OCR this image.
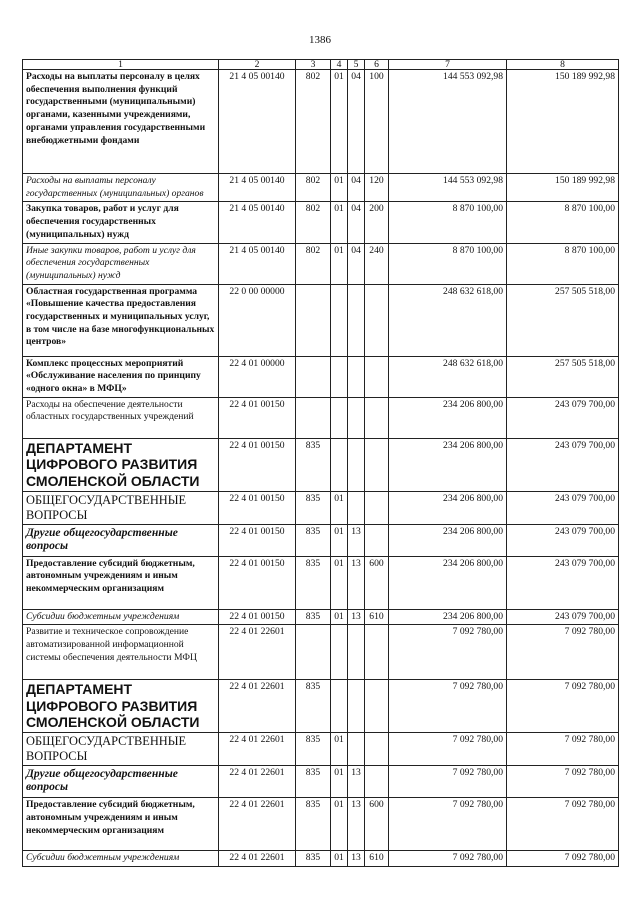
1386
1	2	3	4	5	6	7	8
Расходы на выплаты персоналу в целях обеспечения выполнения функций государственными (муниципальными) органами, казенными учреждениями, органами управления государственными внебюджетными фондами	21 4 05 00140	802	01	04	100	144 553 092,98	150 189 992,98
Расходы на выплаты персоналу государственных (муниципальных) органов	21 4 05 00140	802	01	04	120	144 553 092,98	150 189 992,98
Закупка товаров, работ и услуг для обеспечения государственных (муниципальных) нужд	21 4 05 00140	802	01	04	200	8 870 100,00	8 870 100,00
Иные закупки товаров, работ и услуг для обеспечения государственных (муниципальных) нужд	21 4 05 00140	802	01	04	240	8 870 100,00	8 870 100,00
Областная государственная программа «Повышение качества предоставления государственных и муниципальных услуг, в том числе на базе многофункциональных центров»	22 0 00 00000					248 632 618,00	257 505 518,00
Комплекс процессных мероприятий «Обслуживание населения по принципу «одного окна» в МФЦ»	22 4 01 00000					248 632 618,00	257 505 518,00
Расходы на обеспечение деятельности областных государственных учреждений	22 4 01 00150					234 206 800,00	243 079 700,00
ДЕПАРТАМЕНТ ЦИФРОВОГО РАЗВИТИЯ СМОЛЕНСКОЙ ОБЛАСТИ	22 4 01 00150	835				234 206 800,00	243 079 700,00
ОБЩЕГОСУДАРСТВЕННЫЕ ВОПРОСЫ	22 4 01 00150	835	01			234 206 800,00	243 079 700,00
Другие общегосударственные вопросы	22 4 01 00150	835	01	13		234 206 800,00	243 079 700,00
Предоставление субсидий бюджетным, автономным учреждениям и иным некоммерческим организациям	22 4 01 00150	835	01	13	600	234 206 800,00	243 079 700,00
Субсидии бюджетным учреждениям	22 4 01 00150	835	01	13	610	234 206 800,00	243 079 700,00
Развитие и техническое сопровождение автоматизированной информационной системы обеспечения деятельности МФЦ	22 4 01 22601					7 092 780,00	7 092 780,00
ДЕПАРТАМЕНТ ЦИФРОВОГО РАЗВИТИЯ СМОЛЕНСКОЙ ОБЛАСТИ	22 4 01 22601	835				7 092 780,00	7 092 780,00
ОБЩЕГОСУДАРСТВЕННЫЕ ВОПРОСЫ	22 4 01 22601	835	01			7 092 780,00	7 092 780,00
Другие общегосударственные вопросы	22 4 01 22601	835	01	13		7 092 780,00	7 092 780,00
Предоставление субсидий бюджетным, автономным учреждениям и иным некоммерческим организациям	22 4 01 22601	835	01	13	600	7 092 780,00	7 092 780,00
Субсидии бюджетным учреждениям	22 4 01 22601	835	01	13	610	7 092 780,00	7 092 780,00
